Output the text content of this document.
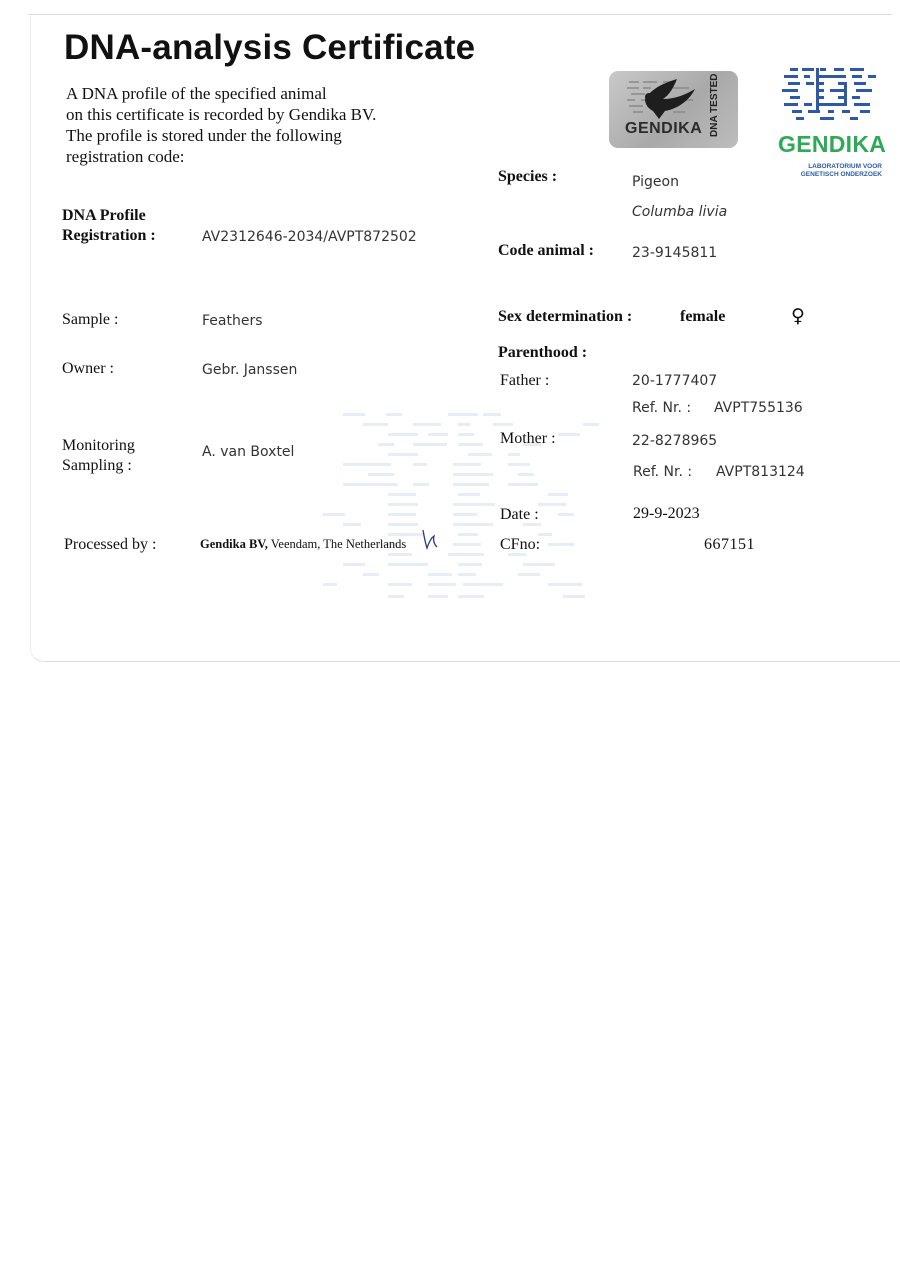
DNA-analysis Certificate
A DNA profile of the specified animal
on this certificate is recorded by Gendika BV.
The profile is stored under the following
registration code:
GENDIKA DNA TESTED
GENDIKA
LABORATORIUM VOOR
GENETISCH ONDERZOEK
DNA Profile
Registration :	AV2312646-2034/AVPT872502
Sample :	Feathers
Owner :	Gebr. Janssen
Monitoring
Sampling :
A. van Boxtel
Processed by :	Gendika BV, Veendam, The Netherlands
Species :	Pigeon
Columba livia
Code animal :	23-9145811
Sex determination :	female	♀
Parenthood :
Father :	20-1777407
Ref. Nr. : AVPT755136
Mother :	22-8278965
Ref. Nr. : AVPT813124
Date :	29-9-2023
CFno:	667151
